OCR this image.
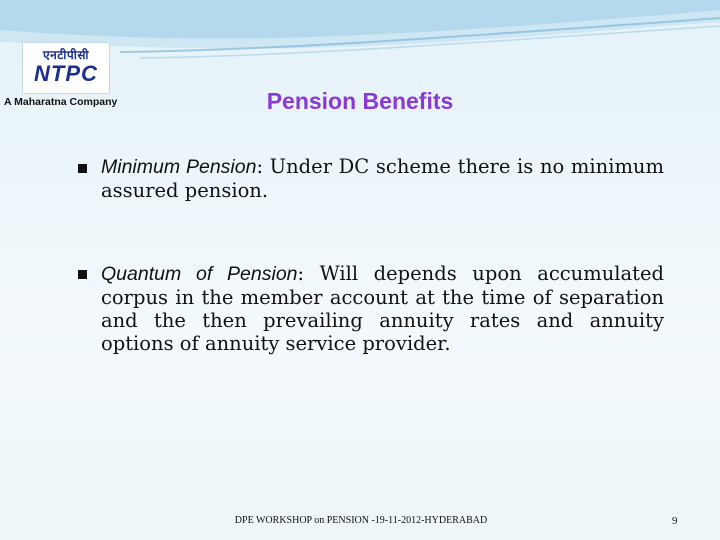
एनटीपीसी
NTPC
A Maharatna Company	Pension Benefits
Minimum Pension: Under DC scheme there is no minimum assured pension.
Quantum of Pension: Will depends upon accumulated corpus in the member account at the time of separation and the then prevailing annuity rates and annuity options of annuity service provider.
DPE WORKSHOP on PENSION -19-11-2012-HYDERABAD	9
